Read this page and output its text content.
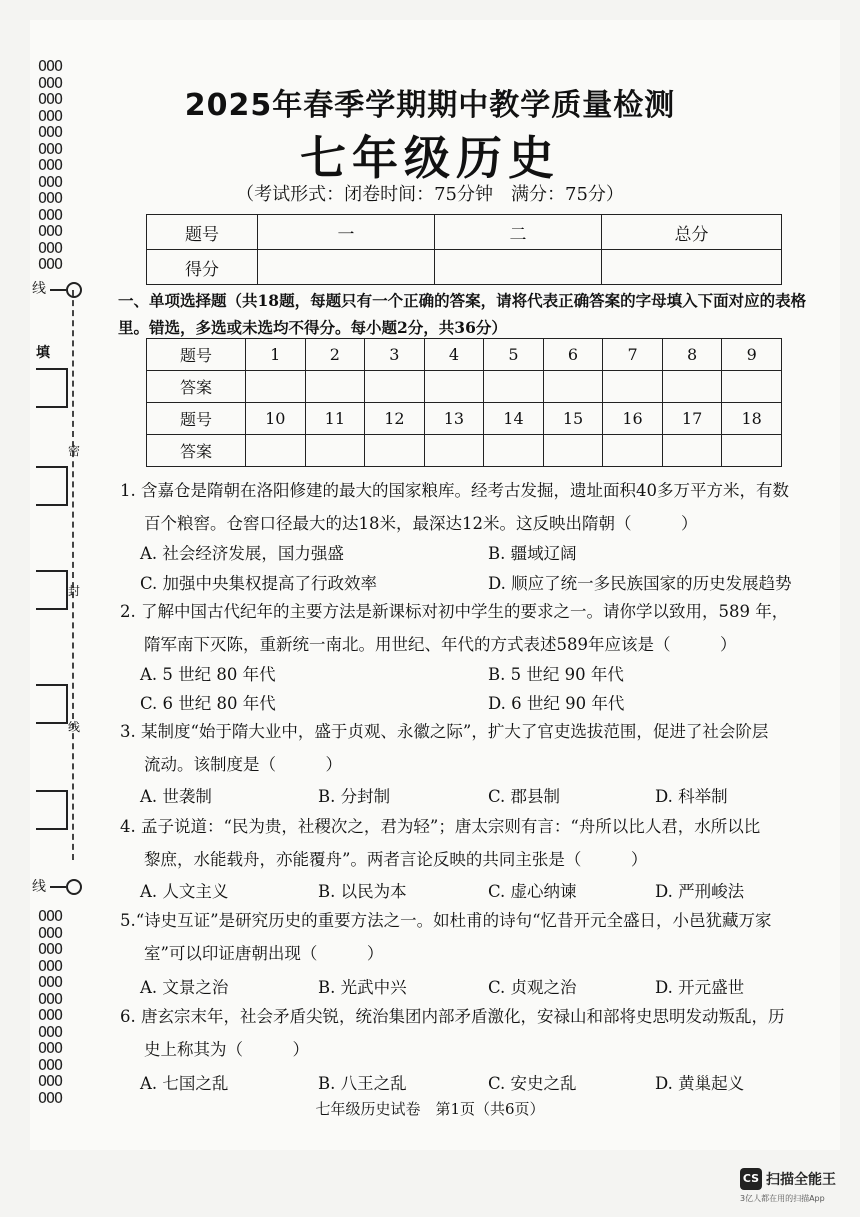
OOO
OOO
OOO
OOO
OOO
OOO
OOO
OOO
OOO
OOO
OOO
OOO
OOO
OOO
OOO
OOO
OOO
OOO
OOO
OOO
OOO
OOO
OOO
OOO
OOO
线
填
密
封
线
线
2025年春季学期期中教学质量检测
七年级历史
（考试形式：闭卷时间：75分钟　满分：75分）
题号	一	二	总分
得分			
一、单项选择题（共18题，每题只有一个正确的答案，请将代表正确答案的字母填入下面对应的表格里。错选，多选或未选均不得分。每小题2分，共36分）
题号	1	2	3	4	5	6	7	8	9
答案									
题号	10	11	12	13	14	15	16	17	18
答案									
1. 含嘉仓是隋朝在洛阳修建的最大的国家粮库。经考古发掘，遗址面积40多万平方米，有数
百个粮窖。仓窖口径最大的达18米，最深达12米。这反映出隋朝（　　　）
A. 社会经济发展，国力强盛	B. 疆域辽阔
C. 加强中央集权提高了行政效率	D. 顺应了统一多民族国家的历史发展趋势
2. 了解中国古代纪年的主要方法是新课标对初中学生的要求之一。请你学以致用，589 年，
隋军南下灭陈，重新统一南北。用世纪、年代的方式表述589年应该是（　　　）
A. 5 世纪 80 年代	B. 5 世纪 90 年代
C. 6 世纪 80 年代	D. 6 世纪 90 年代
3. 某制度“始于隋大业中，盛于贞观、永徽之际”，扩大了官吏选拔范围，促进了社会阶层
流动。该制度是（　　　）
A. 世袭制	B. 分封制	C. 郡县制	D. 科举制
4. 孟子说道：“民为贵，社稷次之，君为轻”；唐太宗则有言：“舟所以比人君，水所以比
黎庶，水能载舟，亦能覆舟”。两者言论反映的共同主张是（　　　）
A. 人文主义	B. 以民为本	C. 虚心纳谏	D. 严刑峻法
5.“诗史互证”是研究历史的重要方法之一。如杜甫的诗句“忆昔开元全盛日，小邑犹藏万家
室”可以印证唐朝出现（　　　）
A. 文景之治	B. 光武中兴	C. 贞观之治	D. 开元盛世
6. 唐玄宗末年，社会矛盾尖锐，统治集团内部矛盾激化，安禄山和部将史思明发动叛乱，历
史上称其为（　　　）
A. 七国之乱	B. 八王之乱	C. 安史之乱	D. 黄巢起义
七年级历史试卷　第1页（共6页）
CS 扫描全能王
3亿人都在用的扫描App
